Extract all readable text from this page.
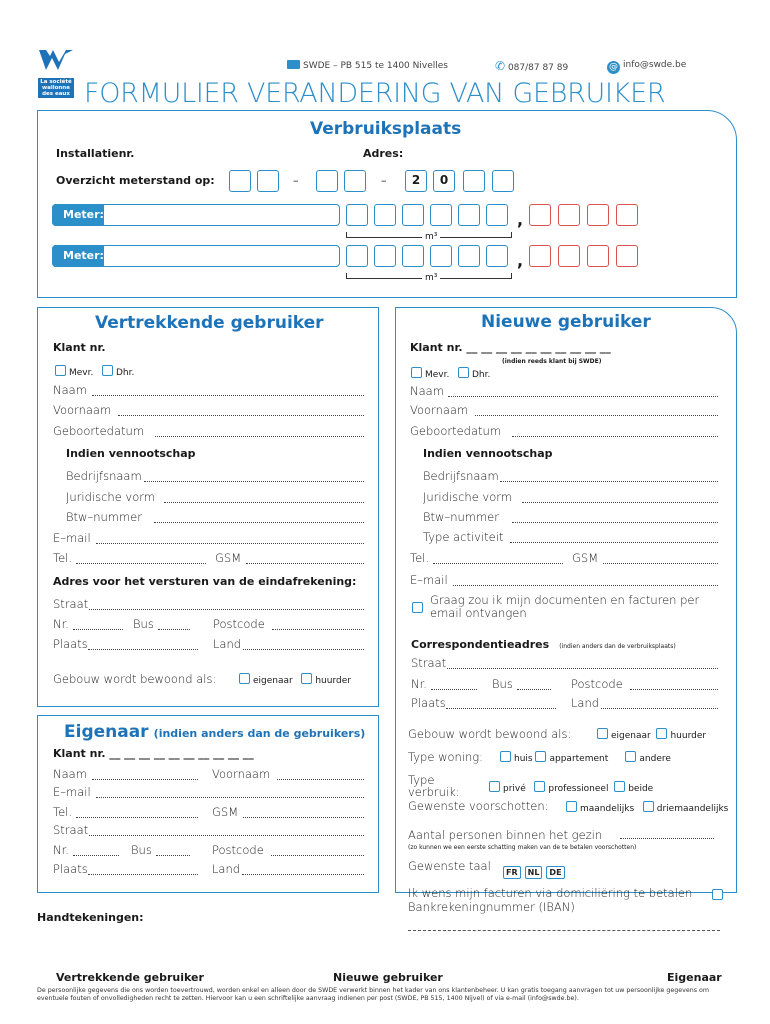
La société
wallonne
des eaux
SWDE – PB 515 te 1400 Nivelles	✆ 087/87 87 89	@ info@swde.be
FORMULIER VERANDERING VAN GEBRUIKER
Verbruiksplaats
Installatienr.	Adres:
Overzicht meterstand op:	–	–	2	0
Meter:	,
m³
Meter:	,
m³
Vertrekkende gebruiker
Klant nr.
Mevr.	Dhr.
Naam
Voornaam
Geboortedatum
Indien vennootschap
Bedrijfsnaam
Juridische vorm
Btw–nummer
E–mail
Tel.	GSM
Adres voor het versturen van de eindafrekening:
Straat
Nr.	Bus	Postcode
Plaats	Land
Gebouw wordt bewoond als:	eigenaar	huurder
Eigenaar (indien anders dan de gebruikers)
Klant nr. __ __ __ __ __ __ __ __ __ __
Naam	Voornaam
E–mail
Tel.	GSM
Straat
Nr.	Bus	Postcode
Plaats	Land
Nieuwe gebruiker
Klant nr. __ __ __ __ __ __ __ __ __ __
(indien reeds klant bij SWDE)
Mevr.	Dhr.
Naam
Voornaam
Geboortedatum
Indien vennootschap
Bedrijfsnaam
Juridische vorm
Btw–nummer
Type activiteit
Tel.	GSM
E–mail
Graag zou ik mijn documenten en facturen per
email ontvangen
Correspondentieadres (indien anders dan de verbruiksplaats)
Straat
Nr.	Bus	Postcode
Plaats	Land
Gebouw wordt bewoond als:	eigenaar huurder
Type woning:	huis appartement	andere
Type
verbruik:	privé	professioneel beide
Gewenste voorschotten:	maandelijks	driemaandelijks
Aantal personen binnen het gezin
(zo kunnen we een eerste schatting maken van de te betalen voorschotten)
Gewenste taal	FR NL DE
Ik wens mijn facturen via domiciliëring te betalen
Bankrekeningnummer (IBAN)
Handtekeningen:
Vertrekkende gebruiker	Nieuwe gebruiker	Eigenaar
De persoonlijke gegevens die ons worden toevertrouwd, worden enkel en alleen door de SWDE verwerkt binnen het kader van ons klantenbeheer. U kan gratis toegang aanvragen tot uw persoonlijke gegevens om eventuele fouten of onvolledigheden recht te zetten. Hiervoor kan u een schriftelijke aanvraag indienen per post (SWDE, PB 515, 1400 Nijvel) of via e-mail (info@swde.be).
